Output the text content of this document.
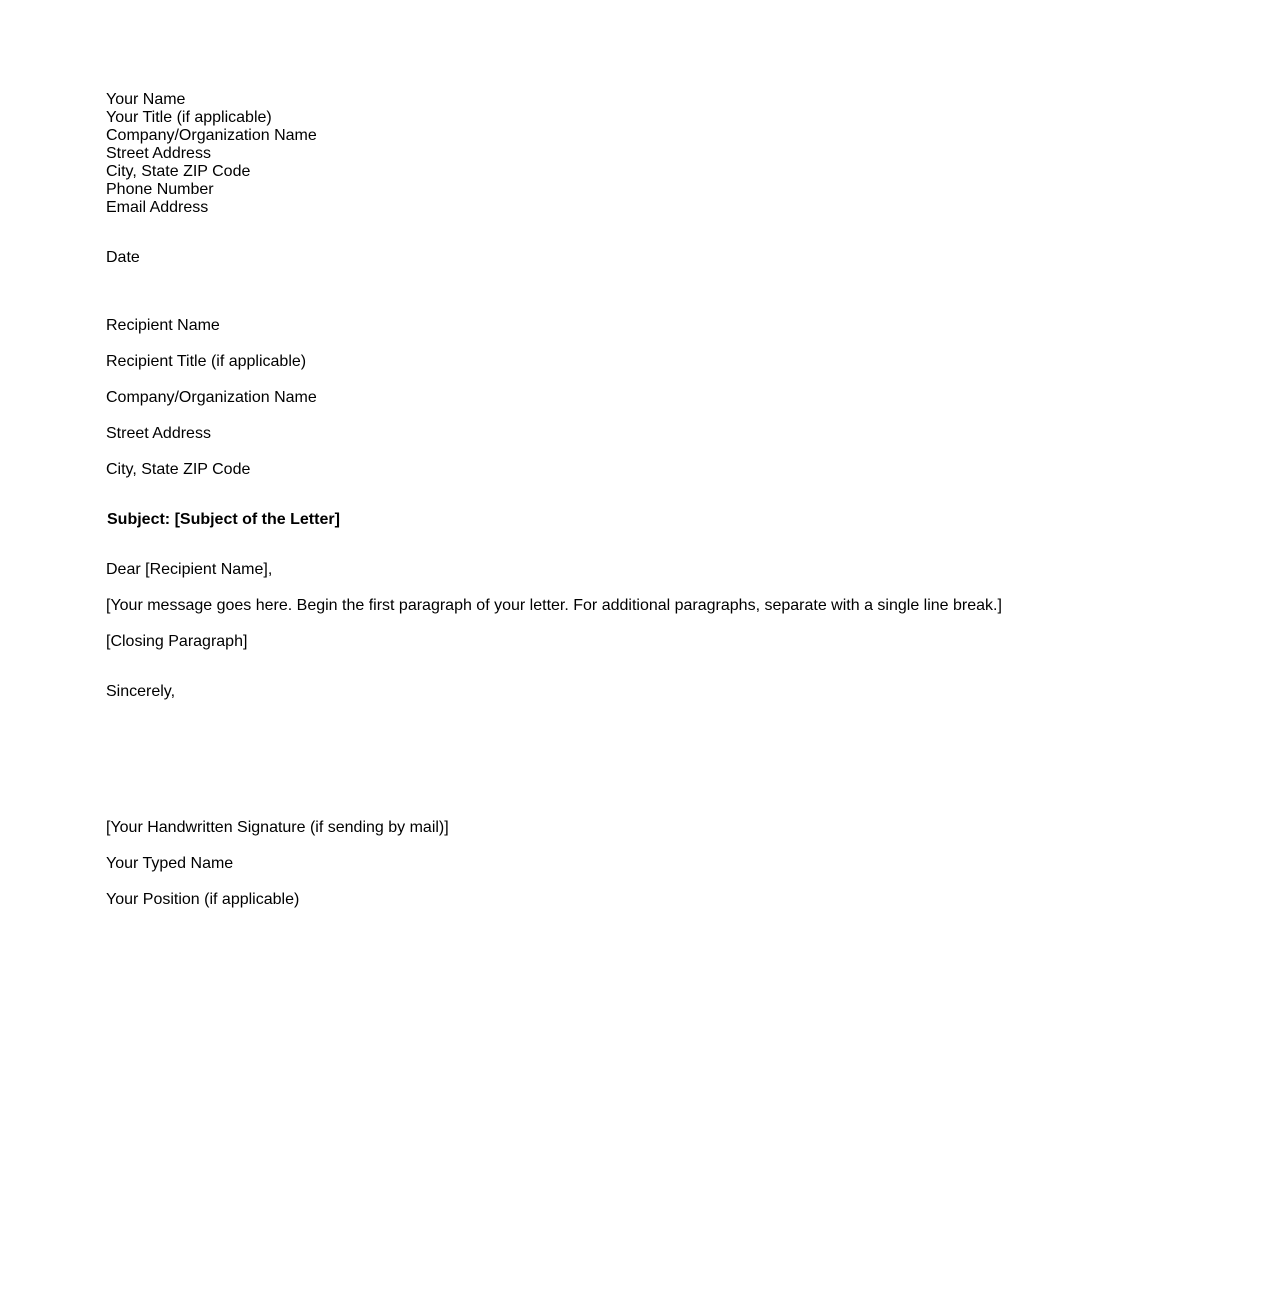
Your Name
Your Title (if applicable)
Company/Organization Name
Street Address
City, State ZIP Code
Phone Number
Email Address
Date
Recipient Name
Recipient Title (if applicable)
Company/Organization Name
Street Address
City, State ZIP Code
Subject: [Subject of the Letter]
Dear [Recipient Name],
[Your message goes here. Begin the first paragraph of your letter. For additional paragraphs, separate with a single line break.]
[Closing Paragraph]
Sincerely,
[Your Handwritten Signature (if sending by mail)]
Your Typed Name
Your Position (if applicable)
